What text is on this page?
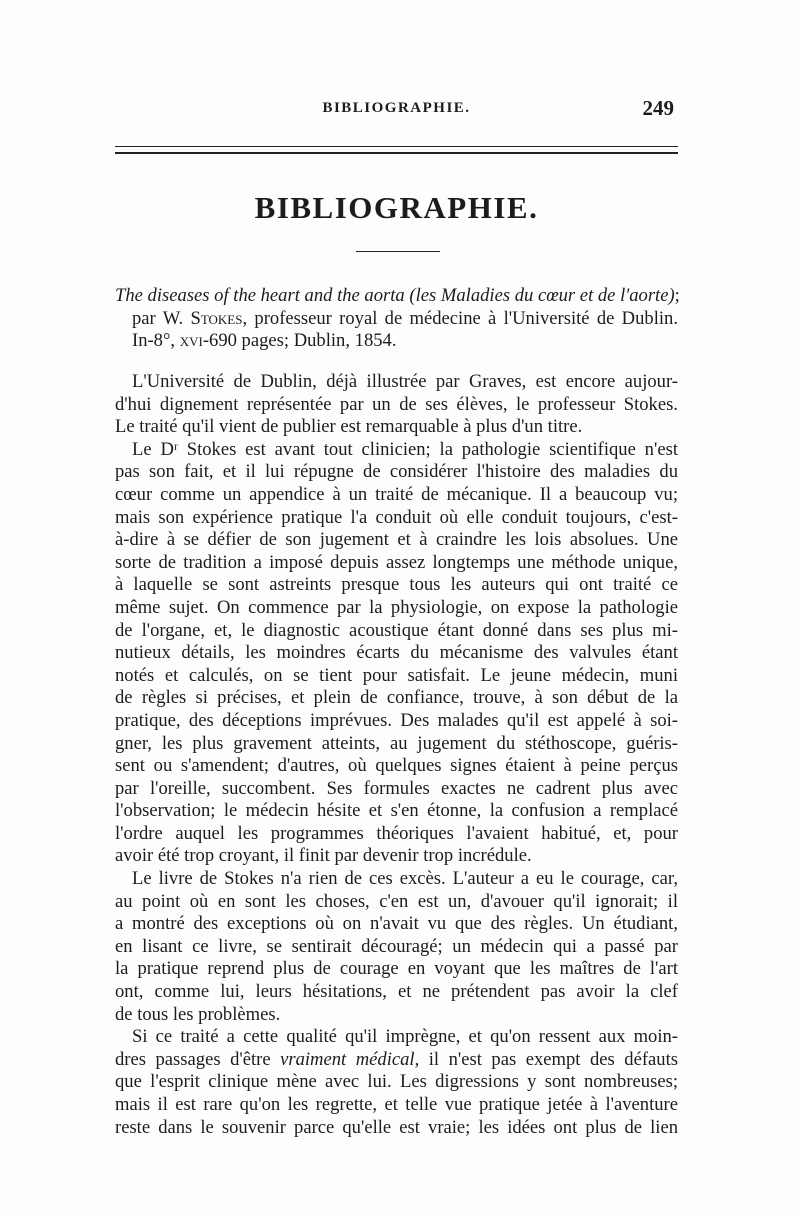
BIBLIOGRAPHIE.	249
BIBLIOGRAPHIE.
The diseases of the heart and the aorta (les Maladies du cœur et de l'aorte);
par W. Stokes, professeur royal de médecine à l'Université de Dublin.
In-8°, xvi-690 pages; Dublin, 1854.
L'Université de Dublin, déjà illustrée par Graves, est encore aujour-
d'hui dignement représentée par un de ses élèves, le professeur Stokes.
Le traité qu'il vient de publier est remarquable à plus d'un titre.
Le Dʳ Stokes est avant tout clinicien; la pathologie scientifique n'est
pas son fait, et il lui répugne de considérer l'histoire des maladies du
cœur comme un appendice à un traité de mécanique. Il a beaucoup vu;
mais son expérience pratique l'a conduit où elle conduit toujours, c'est-
à-dire à se défier de son jugement et à craindre les lois absolues. Une
sorte de tradition a imposé depuis assez longtemps une méthode unique,
à laquelle se sont astreints presque tous les auteurs qui ont traité ce
même sujet. On commence par la physiologie, on expose la pathologie
de l'organe, et, le diagnostic acoustique étant donné dans ses plus mi-
nutieux détails, les moindres écarts du mécanisme des valvules étant
notés et calculés, on se tient pour satisfait. Le jeune médecin, muni
de règles si précises, et plein de confiance, trouve, à son début de la
pratique, des déceptions imprévues. Des malades qu'il est appelé à soi-
gner, les plus gravement atteints, au jugement du stéthoscope, guéris-
sent ou s'amendent; d'autres, où quelques signes étaient à peine perçus
par l'oreille, succombent. Ses formules exactes ne cadrent plus avec
l'observation; le médecin hésite et s'en étonne, la confusion a remplacé
l'ordre auquel les programmes théoriques l'avaient habitué, et, pour
avoir été trop croyant, il finit par devenir trop incrédule.
Le livre de Stokes n'a rien de ces excès. L'auteur a eu le courage, car,
au point où en sont les choses, c'en est un, d'avouer qu'il ignorait; il
a montré des exceptions où on n'avait vu que des règles. Un étudiant,
en lisant ce livre, se sentirait découragé; un médecin qui a passé par
la pratique reprend plus de courage en voyant que les maîtres de l'art
ont, comme lui, leurs hésitations, et ne prétendent pas avoir la clef
de tous les problèmes.
Si ce traité a cette qualité qu'il imprègne, et qu'on ressent aux moin-
dres passages d'être vraiment médical, il n'est pas exempt des défauts
que l'esprit clinique mène avec lui. Les digressions y sont nombreuses;
mais il est rare qu'on les regrette, et telle vue pratique jetée à l'aventure
reste dans le souvenir parce qu'elle est vraie; les idées ont plus de lien
